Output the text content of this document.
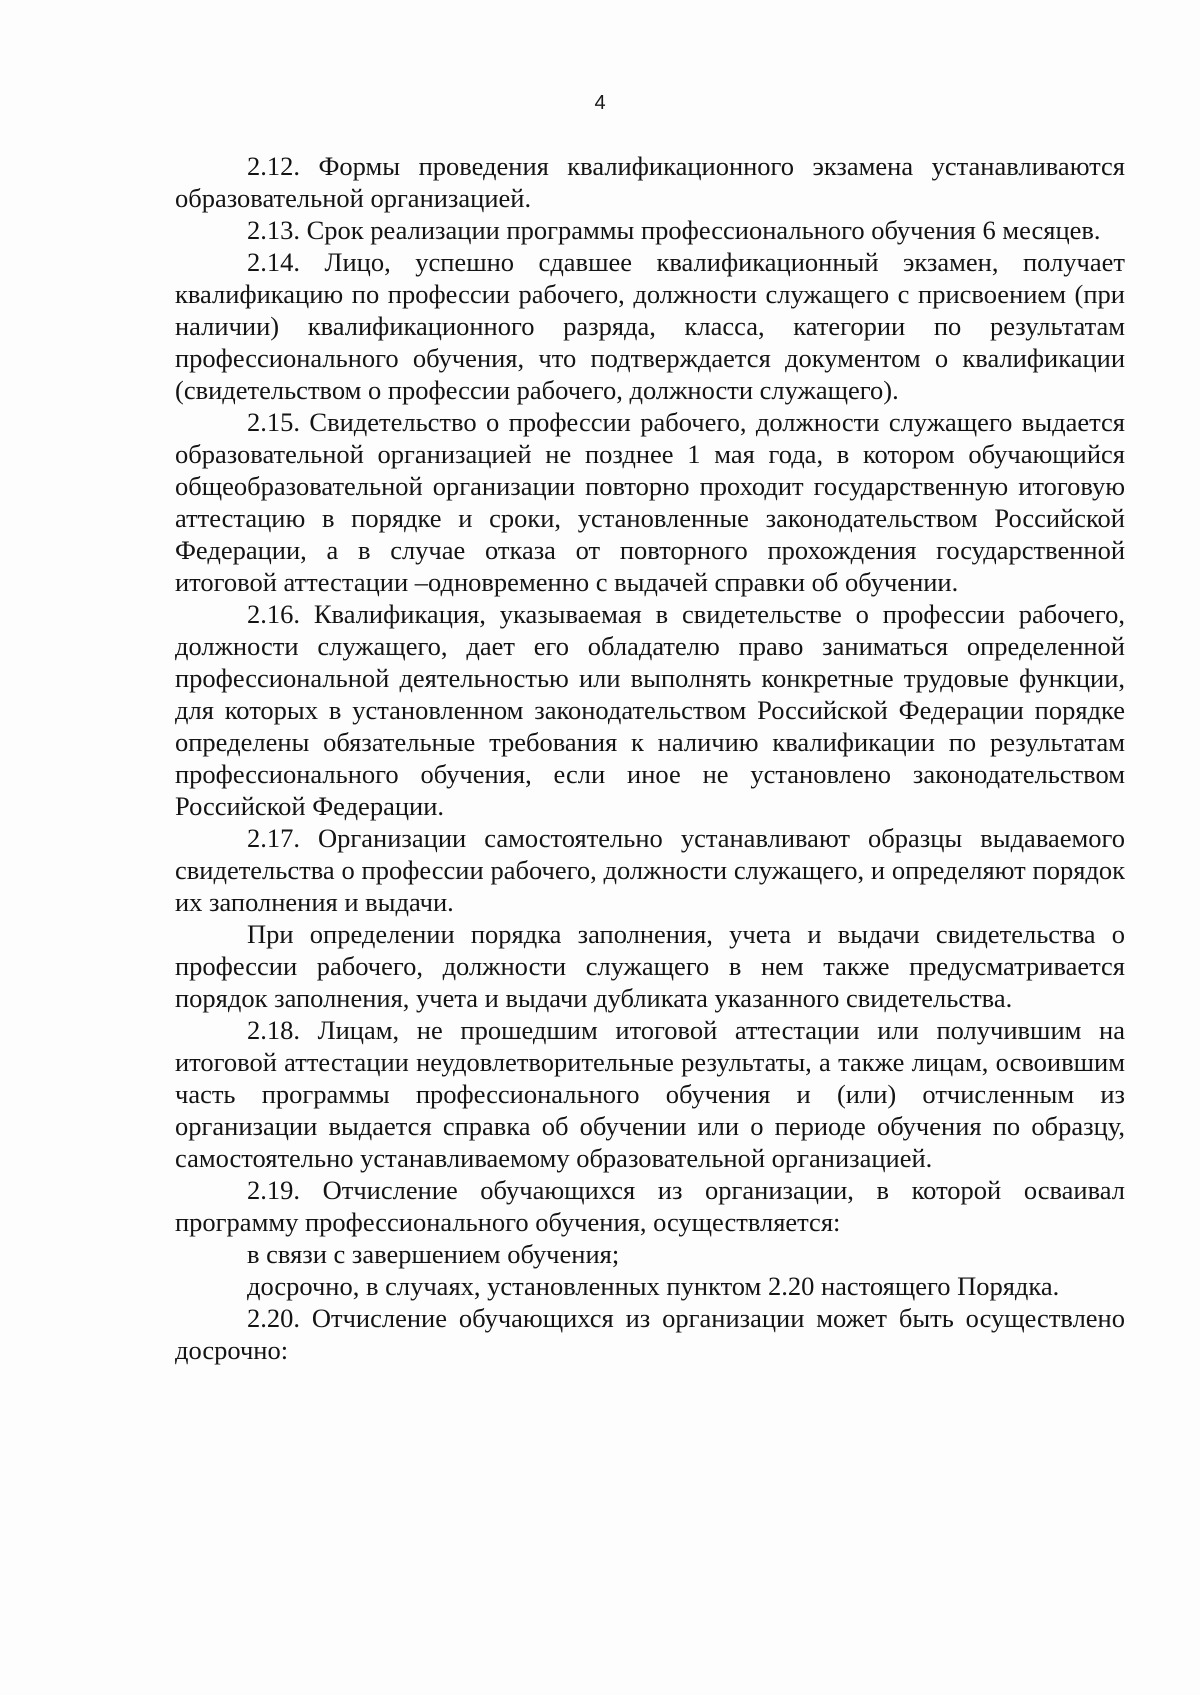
4

2.12. Формы проведения квалификационного экзамена устанавливаются образовательной организацией.

2.13. Срок реализации программы профессионального обучения 6 месяцев.

2.14. Лицо, успешно сдавшее квалификационный экзамен, получает квалификацию по профессии рабочего, должности служащего с присвоением (при наличии) квалификационного разряда, класса, категории по результатам профессионального обучения, что подтверждается документом о квалификации (свидетельством о профессии рабочего, должности служащего).

2.15. Свидетельство о профессии рабочего, должности служащего выдается образовательной организацией не позднее 1 мая года, в котором обучающийся общеобразовательной организации повторно проходит государственную итоговую аттестацию в порядке и сроки, установленные законодательством Российской Федерации, а в случае отказа от повторного прохождения государственной итоговой аттестации –одновременно с выдачей справки об обучении.

2.16. Квалификация, указываемая в свидетельстве о профессии рабочего, должности служащего, дает его обладателю право заниматься определенной профессиональной деятельностью или выполнять конкретные трудовые функции, для которых в установленном законодательством Российской Федерации порядке определены обязательные требования к наличию квалификации по результатам профессионального обучения, если иное не установлено законодательством Российской Федерации.

2.17. Организации самостоятельно устанавливают образцы выдаваемого свидетельства о профессии рабочего, должности служащего, и определяют порядок их заполнения и выдачи.

При определении порядка заполнения, учета и выдачи свидетельства о профессии рабочего, должности служащего в нем также предусматривается порядок заполнения, учета и выдачи дубликата указанного свидетельства.

2.18. Лицам, не прошедшим итоговой аттестации или получившим на итоговой аттестации неудовлетворительные результаты, а также лицам, освоившим часть программы профессионального обучения и (или) отчисленным из организации выдается справка об обучении или о периоде обучения по образцу, самостоятельно устанавливаемому образовательной организацией.

2.19. Отчисление обучающихся из организации, в которой осваивал программу профессионального обучения, осуществляется:

в связи с завершением обучения;

досрочно, в случаях, установленных пунктом 2.20 настоящего Порядка.

2.20. Отчисление обучающихся из организации может быть осуществлено досрочно:
